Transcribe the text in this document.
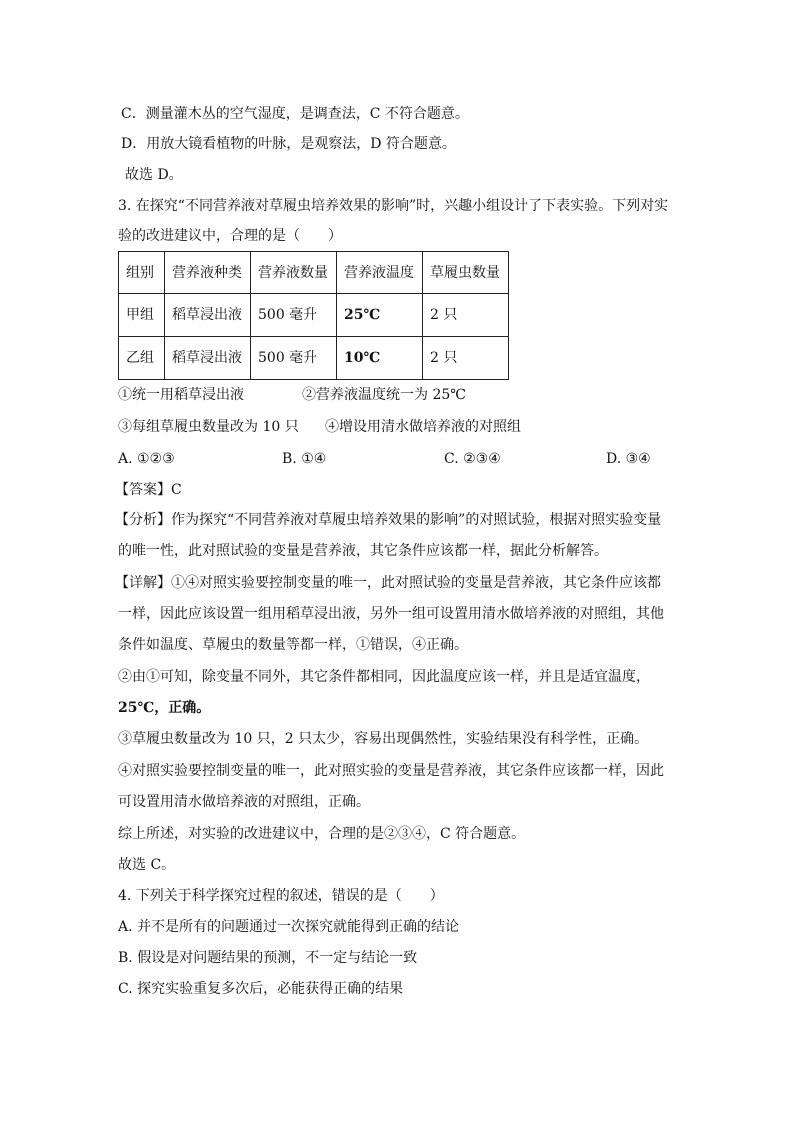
C．测量灌木丛的空气湿度，是调查法，C 不符合题意。
D．用放大镜看植物的叶脉，是观察法，D 符合题意。
故选 D。
3. 在探究“不同营养液对草履虫培养效果的影响”时，兴趣小组设计了下表实验。下列对实
验的改进建议中，合理的是（　　）
组别	营养液种类	营养液数量	营养液温度	草履虫数量
甲组	稻草浸出液	500 毫升	25℃	2 只
乙组	稻草浸出液	500 毫升	10℃	2 只
①统一用稻草浸出液	②营养液温度统一为 25℃
③每组草履虫数量改为 10 只 ④增设用清水做培养液的对照组
A. ①②③	B. ①④	C. ②③④	D. ③④
【答案】C
【分析】作为探究“不同营养液对草履虫培养效果的影响”的对照试验，根据对照实验变量
的唯一性，此对照试验的变量是营养液，其它条件应该都一样，据此分析解答。
【详解】①④对照实验要控制变量的唯一，此对照试验的变量是营养液，其它条件应该都
一样，因此应该设置一组用稻草浸出液，另外一组可设置用清水做培养液的对照组，其他
条件如温度、草履虫的数量等都一样，①错误，④正确。
②由①可知，除变量不同外，其它条件都相同，因此温度应该一样，并且是适宜温度，
25℃，正确。
③草履虫数量改为 10 只，2 只太少，容易出现偶然性，实验结果没有科学性，正确。
④对照实验要控制变量的唯一，此对照实验的变量是营养液，其它条件应该都一样，因此
可设置用清水做培养液的对照组，正确。
综上所述，对实验的改进建议中，合理的是②③④，C 符合题意。
故选 C。
4. 下列关于科学探究过程的叙述，错误的是（　　）
A. 并不是所有的问题通过一次探究就能得到正确的结论
B. 假设是对问题结果的预测，不一定与结论一致
C. 探究实验重复多次后，必能获得正确的结果
